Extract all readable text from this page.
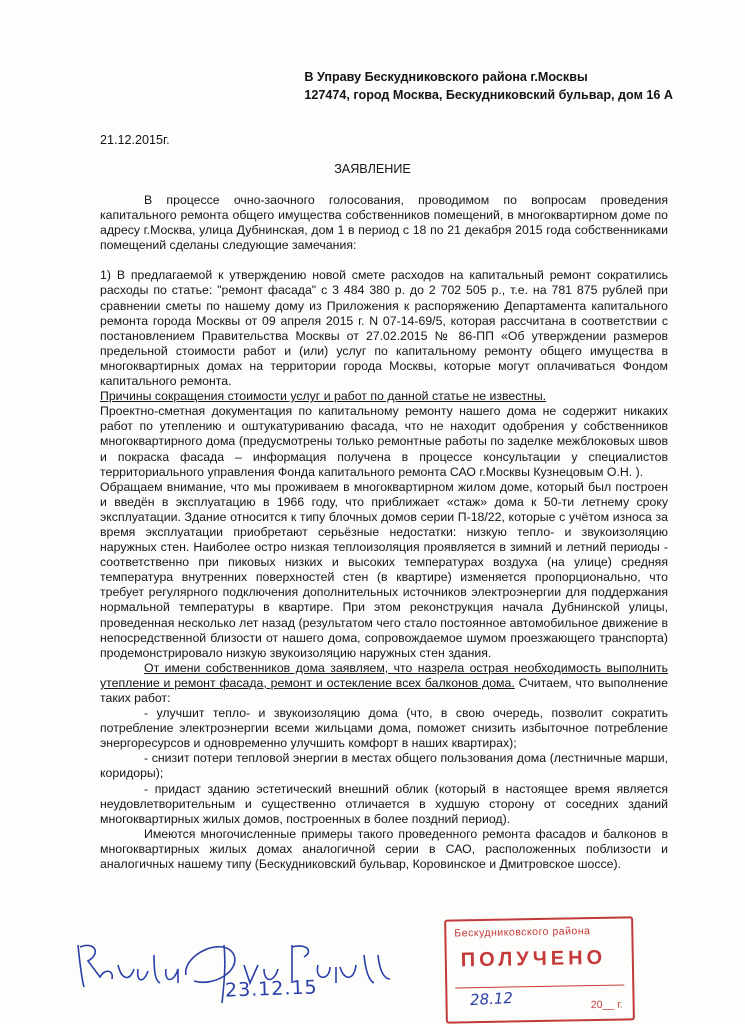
В Управу Бескудниковского района г.Москвы
127474, город Москва, Бескудниковский бульвар, дом 16 А
21.12.2015г.
ЗАЯВЛЕНИЕ

В процессе очно-заочного голосования, проводимом по вопросам проведения капитального ремонта общего имущества собственников помещений, в многоквартирном доме по адресу г.Москва, улица Дубнинская, дом 1 в период с 18 по 21 декабря 2015 года собственниками помещений сделаны следующие замечания:

1) В предлагаемой к утверждению новой смете расходов на капитальный ремонт сократились расходы по статье: "ремонт фасада" с 3 484 380 р. до 2 702 505 р., т.е. на 781 875 рублей при сравнении сметы по нашему дому из Приложения к распоряжению Департамента капитального ремонта города Москвы от 09 апреля 2015 г. N 07-14-69/5, которая рассчитана в соответствии с постановлением Правительства Москвы от 27.02.2015 № 86-ПП «Об утверждении размеров предельной стоимости работ и (или) услуг по капитальному ремонту общего имущества в многоквартирных домах на территории города Москвы, которые могут оплачиваться Фондом капитального ремонта.

Причины сокращения стоимости услуг и работ по данной статье не известны.

Проектно-сметная документация по капитальному ремонту нашего дома не содержит никаких работ по утеплению и оштукатуриванию фасада, что не находит одобрения у собственников многоквартирного дома (предусмотрены только ремонтные работы по заделке межблоковых швов и покраска фасада – информация получена в процессе консультации у специалистов территориального управления Фонда капитального ремонта САО г.Москвы Кузнецовым О.Н. ).

Обращаем внимание, что мы проживаем в многоквартирном жилом доме, который был построен и введён в эксплуатацию в 1966 году, что приближает «стаж» дома к 50-ти летнему сроку эксплуатации. Здание относится к типу блочных домов серии П-18/22, которые с учётом износа за время эксплуатации приобретают серьёзные недостатки: низкую тепло- и звукоизоляцию наружных стен. Наиболее остро низкая теплоизоляция проявляется в зимний и летний периоды - соответственно при пиковых низких и высоких температурах воздуха (на улице) средняя температура внутренних поверхностей стен (в квартире) изменяется пропорционально, что требует регулярного подключения дополнительных источников электроэнергии для поддержания нормальной температуры в квартире. При этом реконструкция начала Дубнинской улицы, проведенная несколько лет назад (результатом чего стало постоянное автомобильное движение в непосредственной близости от нашего дома, сопровождаемое шумом проезжающего транспорта) продемонстрировало низкую звукоизоляцию наружных стен здания.

От имени собственников дома заявляем, что назрела острая необходимость выполнить утепление и ремонт фасада, ремонт и остекление всех балконов дома. Считаем, что выполнение таких работ:

- улучшит тепло- и звукоизоляцию дома (что, в свою очередь, позволит сократить потребление электроэнергии всеми жильцами дома, поможет снизить избыточное потребление энергоресурсов и одновременно улучшить комфорт в наших квартирах);
- снизит потери тепловой энергии в местах общего пользования дома (лестничные марши, коридоры);
- придаст зданию эстетический внешний облик (который в настоящее время является неудовлетворительным и существенно отличается в худшую сторону от соседних зданий многоквартирных жилых домов, построенных в более поздний период).

Имеются многочисленные примеры такого проведенного ремонта фасадов и балконов в многоквартирных жилых домах аналогичной серии в САО, расположенных поблизости и аналогичных нашему типу (Бескудниковский бульвар, Коровинское и Дмитровское шоссе).

23.12.15
Бескудниковского района
ПОЛУЧЕНО
20__ г.
28.12
